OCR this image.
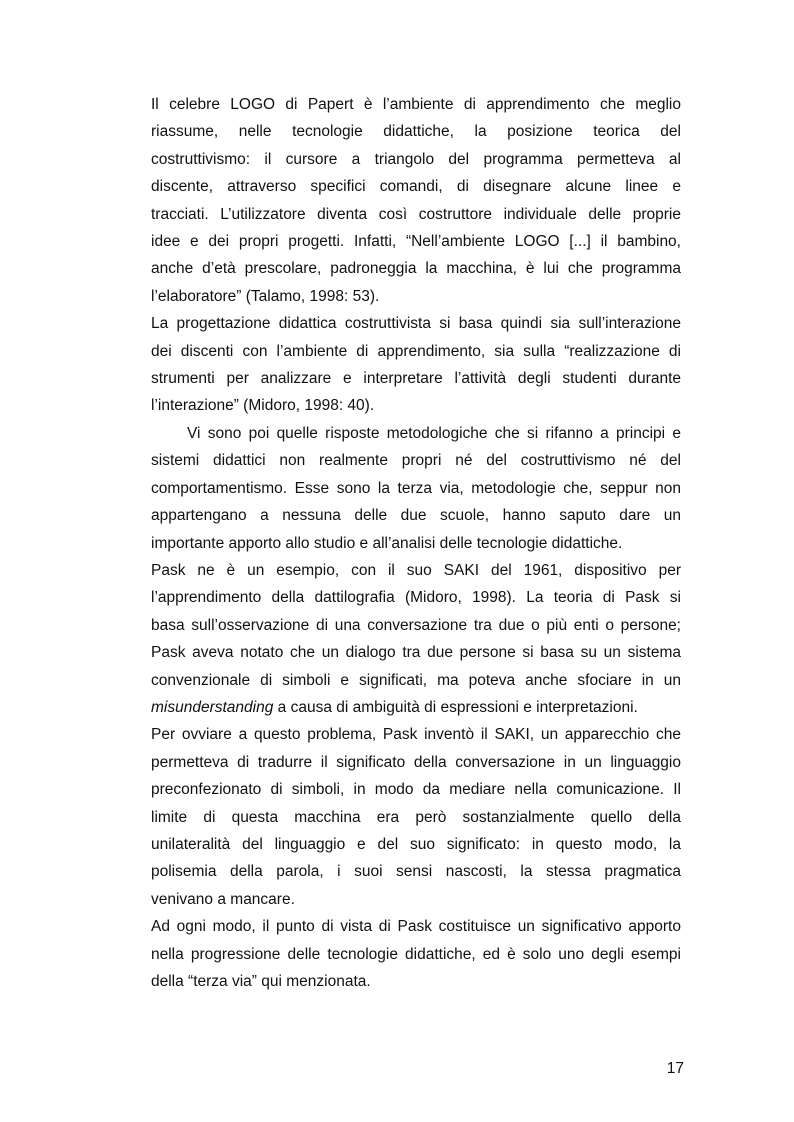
Il celebre LOGO di Papert è l’ambiente di apprendimento che meglio
riassume, nelle tecnologie didattiche, la posizione teorica del
costruttivismo: il cursore a triangolo del programma permetteva al
discente, attraverso specifici comandi, di disegnare alcune linee e
tracciati. L’utilizzatore diventa così costruttore individuale delle proprie
idee e dei propri progetti. Infatti, “Nell’ambiente LOGO [...] il bambino,
anche d’età prescolare, padroneggia la macchina, è lui che programma
l’elaboratore” (Talamo, 1998: 53).

La progettazione didattica costruttivista si basa quindi sia sull’interazione
dei discenti con l’ambiente di apprendimento, sia sulla “realizzazione di
strumenti per analizzare e interpretare l’attività degli studenti durante
l’interazione” (Midoro, 1998: 40).

Vi sono poi quelle risposte metodologiche che si rifanno a principi e
sistemi didattici non realmente propri né del costruttivismo né del
comportamentismo. Esse sono la terza via, metodologie che, seppur non
appartengano a nessuna delle due scuole, hanno saputo dare un
importante apporto allo studio e all’analisi delle tecnologie didattiche.

Pask ne è un esempio, con il suo SAKI del 1961, dispositivo per
l’apprendimento della dattilografia (Midoro, 1998). La teoria di Pask si
basa sull’osservazione di una conversazione tra due o più enti o persone;
Pask aveva notato che un dialogo tra due persone si basa su un sistema
convenzionale di simboli e significati, ma poteva anche sfociare in un
misunderstanding a causa di ambiguità di espressioni e interpretazioni.

Per ovviare a questo problema, Pask inventò il SAKI, un apparecchio che
permetteva di tradurre il significato della conversazione in un linguaggio
preconfezionato di simboli, in modo da mediare nella comunicazione. Il
limite di questa macchina era però sostanzialmente quello della
unilateralità del linguaggio e del suo significato: in questo modo, la
polisemia della parola, i suoi sensi nascosti, la stessa pragmatica
venivano a mancare.

Ad ogni modo, il punto di vista di Pask costituisce un significativo apporto
nella progressione delle tecnologie didattiche, ed è solo uno degli esempi
della “terza via” qui menzionata.

17
